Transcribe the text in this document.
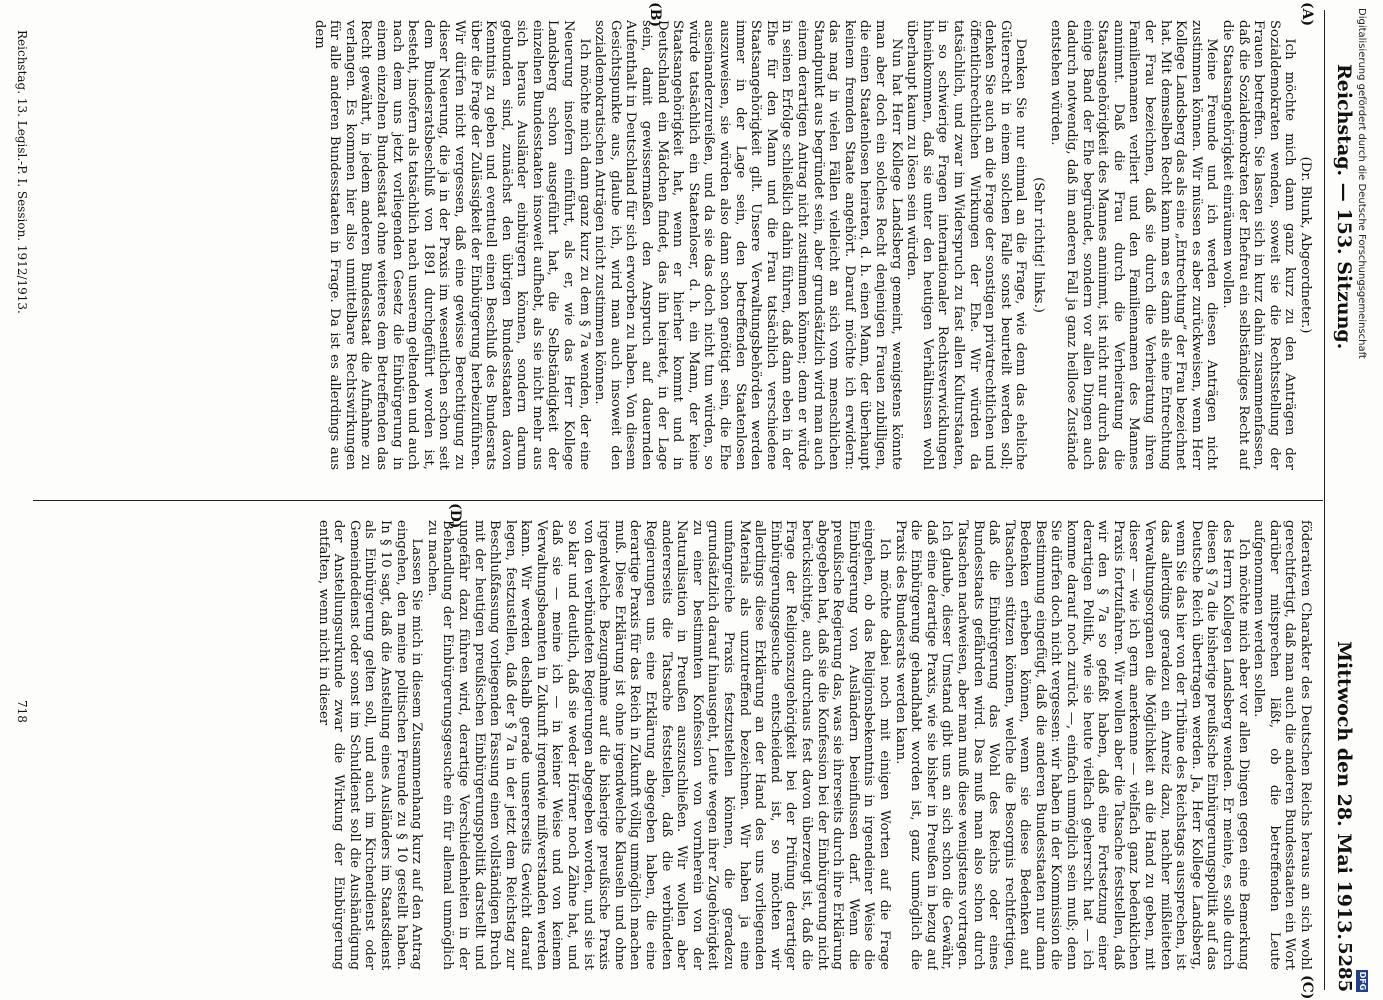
Reichstag. — 153. Sitzung.
Mittwoch den 28. Mai 1913.
5285
(A)
(B)
(C)
(D)

(Dr. Blunk, Abgeordneter.)

Ich möchte mich dann ganz kurz zu den Anträgen der Sozialdemokraten wenden, soweit sie die Rechtsstellung der Frauen betreffen. Sie lassen sich in kurz dahin zusammenfassen, daß die Sozialdemokraten der Ehefrau ein selbständiges Recht auf die Staatsangehörigkeit einräumen wollen.

Meine Freunde und ich werden diesen Anträgen nicht zustimmen können. Wir müssen es aber zurückweisen, wenn Herr Kollege Landsberg das als eine „Entrechtung“ der Frau bezeichnet hat. Mit demselben Recht kann man es dann als eine Entrechtung der Frau bezeichnen, daß sie durch die Verheiratung ihren Familiennamen verliert und den Familiennamen des Mannes annimmt. Daß die Frau durch die Verheiratung die Staatsangehörigkeit des Mannes annimmt, ist nicht nur durch das einige Band der Ehe begründet, sondern vor allen Dingen auch dadurch notwendig, daß im anderen Fall ja ganz heillose Zustände entstehen würden.

(Sehr richtig! links.)

Denken Sie nur einmal an die Frage, wie denn das eheliche Güterrecht in einem solchen Falle sonst beurteilt werden soll; denken Sie auch an die Frage der sonstigen privatrechtlichen und öffentlichrechtlichen Wirkungen der Ehe. Wir würden da tatsächlich, und zwar im Widerspruch zu fast allen Kulturstaaten, in so schwierige Fragen internationaler Rechtsverwicklungen hineinkommen, daß sie unter den heutigen Verhältnissen wohl überhaupt kaum zu lösen sein würden.

Nun hat Herr Kollege Landsberg gemeint, wenigstens könnte man aber doch ein solches Recht denjenigen Frauen zubilligen, die einen Staatenlosen heiraten, d. h. einen Mann, der überhaupt keinem fremden Staate angehört. Darauf möchte ich erwidern: das mag in vielen Fällen vielleicht an sich vom menschlichen Standpunkt aus begründet sein, aber grundsätzlich wird man auch einem derartigen Antrag nicht zustimmen können; denn er würde in seinen Erfolge schließlich dahin führen, daß dann eben in der Ehe für den Mann und die Frau tatsächlich verschiedene Staatsangehörigkeit gilt. Unsere Verwaltungsbehörden werden immer in der Lage sein, den betreffenden Staatenlosen auszuweisen, sie würden also dann schon genötigt sein, die Ehe auseinanderzureißen, und da sie das doch nicht tun würden, so würde tatsächlich ein Staatenloser, d. h. ein Mann, der keine Staatsangehörigkeit hat, wenn er hierher kommt und in Deutschland ein Mädchen findet, das ihn heiratet, in der Lage sein, damit gewissermaßen den Anspruch auf dauernden Aufenthalt in Deutschland für sich erworben zu haben. Von diesem Gesichtspunkte aus, glaube ich, wird man auch insoweit den sozialdemokratischen Anträgen nicht zustimmen können.

Ich möchte mich dann ganz kurz zu dem § 7a wenden, der eine Neuerung insofern einführt, als er, wie das Herr Kollege Landsberg schon ausgeführt hat, die Selbständigkeit der einzelnen Bundesstaaten insoweit aufhebt, als sie nicht mehr aus sich heraus Ausländer einbürgern können, sondern darum gebunden sind, zunächst den übrigen Bundesstaaten davon Kenntnis zu geben und eventuell einen Beschluß des Bundesrats über die Frage der Zulässigkeit der Einbürgerung herbeizuführen. Wir dürfen nicht vergessen, daß eine gewisse Berechtigung zu dieser Neuerung, die ja in der Praxis im wesentlichen schon seit dem Bundesratsbeschluß von 1891 durchgeführt worden ist, besteht, insofern als tatsächlich nach unserem geltenden und auch nach dem uns jetzt vorliegenden Gesetz die Einbürgerung in einem einzelnen Bundesstaat ohne weiteres dem Betreffenden das Recht gewährt, in jedem anderen Bundesstaat die Aufnahme zu verlangen. Es kommen hier also unmittelbare Rechtswirkungen für alle anderen Bundesstaaten in Frage. Da ist es allerdings aus dem

föderativen Charakter des Deutschen Reichs heraus an sich wohl gerechtfertigt, daß man auch die anderen Bundesstaaten ein Wort darüber mitsprechen läßt, ob die betreffenden Leute aufgenommen werden sollen.

Ich möchte mich aber vor allen Dingen gegen eine Bemerkung des Herrn Kollegen Landsberg wenden. Er meinte, es solle durch diesen § 7a die bisherige preußische Einbürgerungspolitik auf das Deutsche Reich übertragen werden. Ja, Herr Kollege Landsberg, wenn Sie das hier von der Tribüne des Reichstags aussprechen, ist das allerdings geradezu ein Anreiz dazu, nachher mißleiteten Verwaltungsorganen die Möglichkeit an die Hand zu geben, mit dieser — wie ich gern anerkenne — vielfach ganz bedenklichen Praxis fortzufahren. Wir wollen aber die Tatsache feststellen, daß wir den § 7a so gefaßt haben, daß eine Fortsetzung einer derartigen Politik, wie sie heute vielfach geherrscht hat — ich komme darauf noch zurück —, einfach unmöglich sein muß; denn Sie dürfen doch nicht vergessen: wir haben in der Kommission die Bestimmung eingefügt, daß die anderen Bundesstaaten nur dann Bedenken erheben können, wenn sie diese Bedenken auf Tatsachen stützen können, welche die Besorgnis rechtfertigen, daß die Einbürgerung das Wohl des Reichs oder eines Bundesstaats gefährden wird. Das muß man also schon durch Tatsachen nachweisen, aber man muß diese wenigstens vortragen. Ich glaube, dieser Umstand gibt uns an sich schon die Gewähr, daß eine derartige Praxis, wie sie bisher in Preußen in bezug auf die Einbürgerung gehandhabt worden ist, ganz unmöglich die Praxis des Bundesrats werden kann.

Ich möchte dabei noch mit einigen Worten auf die Frage eingehen, ob das Religionsbekenntnis in irgendeiner Weise die Einbürgerung von Ausländern beeinflussen darf. Wenn die preußische Regierung das, was sie ihrerseits durch ihre Erklärung abgegeben hat, daß sie die Konfession bei der Einbürgerung nicht berücksichtige, auch durchaus fest davon überzeugt ist, daß die Frage der Religionszugehörigkeit bei der Prüfung derartiger Einbürgerungsgesuche entscheidend ist, so möchten wir allerdings diese Erklärung an der Hand des uns vorliegenden Materials als unzutreffend bezeichnen. Wir haben ja eine umfangreiche Praxis festzustellen können, die geradezu grundsätzlich darauf hinausgeht, Leute wegen ihrer Zugehörigkeit zu einer bestimmten Konfession von vornherein von der Naturalisation in Preußen auszuschließen. Wir wollen aber andererseits die Tatsache feststellen, daß die verbündeten Regierungen uns eine Erklärung abgegeben haben, die eine derartige Praxis für das Reich in Zukunft völlig unmöglich machen muß. Diese Erklärung ist ohne irgendwelche Klauseln und ohne irgendwelche Bezugnahme auf die bisherige preußische Praxis von den verbündeten Regierungen abgegeben worden, und sie ist so klar und deutlich, daß sie weder Hörner noch Zähne hat, und daß sie — meine ich — in keiner Weise und von keinem Verwaltungsbeamten in Zukunft irgendwie mißverstanden werden kann. Wir werden deshalb gerade unsererseits Gewicht darauf legen, festzustellen, daß der § 7a in der jetzt dem Reichstag zur Beschlußfassung vorliegenden Fassung einen vollständigen Bruch mit der heutigen preußischen Einbürgerungspolitik darstellt und ungefähr dazu führen wird, derartige Verschiedenheiten in der Behandlung der Einbürgerungsgesuche ein für allemal unmöglich zu machen.

Lassen Sie mich in diesem Zusammenhang kurz auf den Antrag eingehen, den meine politischen Freunde zu § 10 gestellt haben. In § 10 sagt, daß die Anstellung eines Ausländers im Staatsdienst als Einbürgerung gelten soll, und auch im Kirchendienst oder Gemeindedienst oder sonst im Schuldienst soll die Aushändigung der Anstellungsurkunde zwar die Wirkung der Einbürgerung entfalten, wenn nicht in dieser

Reichstag. 13. Legisl.-P. I. Session. 1912/1913.
718
Digitalisierung gefördert durch die Deutsche Forschungsgemeinschaft
DFG
